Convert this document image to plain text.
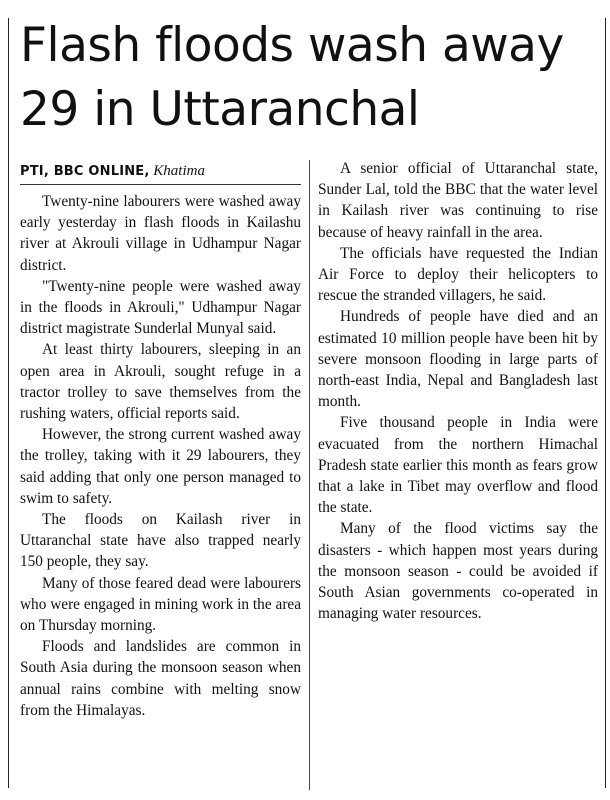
Flash floods wash away
29 in Uttaranchal
PTI, BBC ONLINE, Khatima

Twenty-nine labourers were washed away early yesterday in flash floods in Kailashu river at Akrouli village in Udhampur Nagar district.

"Twenty-nine people were washed away in the floods in Akrouli," Udhampur Nagar district magistrate Sunderlal Munyal said.

At least thirty labourers, sleeping in an open area in Akrouli, sought refuge in a tractor trolley to save themselves from the rushing waters, official reports said.

However, the strong current washed away the trolley, taking with it 29 labourers, they said adding that only one person managed to swim to safety.

The floods on Kailash river in Uttaranchal state have also trapped nearly 150 people, they say.

Many of those feared dead were labourers who were engaged in mining work in the area on Thursday morning.

Floods and landslides are common in South Asia during the monsoon season when annual rains combine with melting snow from the Himalayas.

A senior official of Uttaranchal state, Sunder Lal, told the BBC that the water level in Kailash river was continuing to rise because of heavy rainfall in the area.

The officials have requested the Indian Air Force to deploy their helicopters to rescue the stranded villagers, he said.

Hundreds of people have died and an estimated 10 million people have been hit by severe monsoon flooding in large parts of north-east India, Nepal and Bangladesh last month.

Five thousand people in India were evacuated from the northern Himachal Pradesh state earlier this month as fears grow that a lake in Tibet may overflow and flood the state.

Many of the flood victims say the disasters - which happen most years during the monsoon season - could be avoided if South Asian governments co-operated in managing water resources.
